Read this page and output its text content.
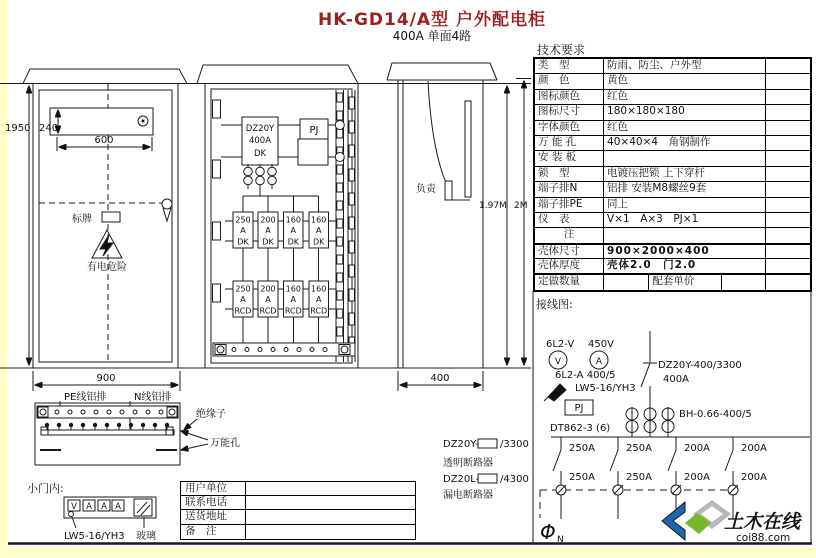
HK-GD14/A型 户外配电柜
400A 单面4路
技术要求
240
600
1950
标牌
有电危险
900
PE线铝排	N线铝排
绝缘子
万能孔
小门内:
V A A A
LW5-16/YH3 玻璃
DZ20Y
400A
DK
PJ
250
A
DK
200
A
DK
160
A
DK
160
A
DK
250
A
RCD
200
A
RCD
160
A
RCD
160
A
RCD
负责
1.97M 2M
400
接线图:
6L2-V 450V
V	A
6L2-A 400/5
LW5-16/YH3
PJ
DT862-3 (6)
DZ20Y-400/3300
400A
BH-0.66-400/5
250A
250A
250A
250A
200A
200A
200A
200A
Φ N
DZ20Y- /3300
透明断路器
DZ20L- /4300
漏电断路器
土木在线
coi88.com
类　型	防雨、防尘、户外型
颜　色	黄色
图标颜色	红色
图标尺寸	180×180×180
字体颜色	红色
万 能 孔	40×40×4　角钢制作
安 装 板
锁　型	电镀压把锁 上下穿杆
端子排N	铝排 安装M8螺丝9套
端子排PE	同上
仪　表	V×1　A×3　PJ×1
注
壳体尺寸	900×2000×400
壳体厚度	壳体2.0　门2.0
定做数量	配套单价
用户单位
联系电话
送货地址
备　注
